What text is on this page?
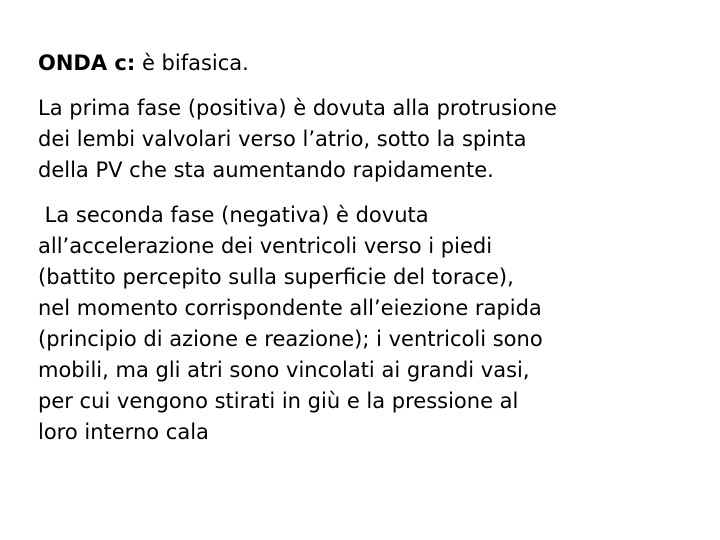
ONDA c: è bifasica.

La prima fase (positiva) è dovuta alla protrusione
dei lembi valvolari verso l’atrio, sotto la spinta
della PV che sta aumentando rapidamente.

La seconda fase (negativa) è dovuta
all’accelerazione dei ventricoli verso i piedi
(battito percepito sulla superficie del torace),
nel momento corrispondente all’eiezione rapida
(principio di azione e reazione); i ventricoli sono
mobili, ma gli atri sono vincolati ai grandi vasi,
per cui vengono stirati in giù e la pressione al
loro interno cala
